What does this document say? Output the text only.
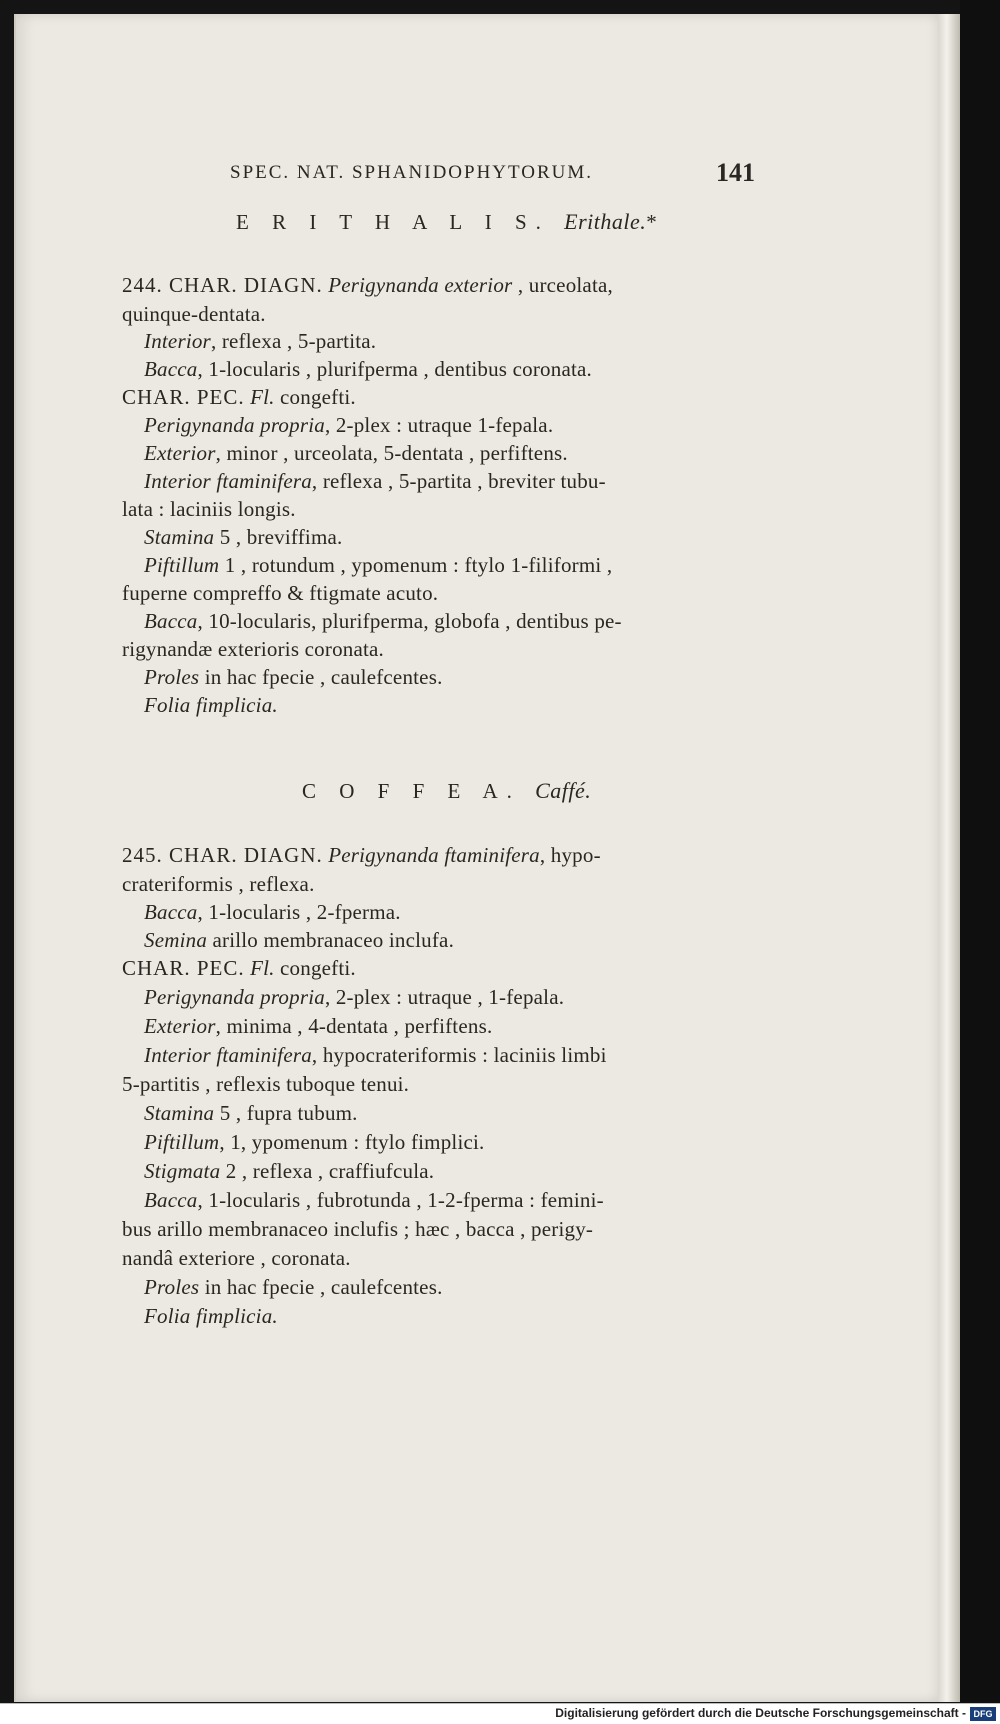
SPEC. NAT. SPHANIDOPHYTORUM.	141
E R I T H A L I S. Erithale.*
244. CHAR. DIAGN. Perigynanda exterior , urceolata,
quinque-dentata.
Interior, reflexa , 5-partita.
Bacca, 1-locularis , plurifperma , dentibus coronata.
CHAR. PEC. Fl. congefti.
Perigynanda propria, 2-plex : utraque 1-fepala.
Exterior, minor , urceolata, 5-dentata , perfiftens.
Interior ftaminifera, reflexa , 5-partita , breviter tubu-
lata : laciniis longis.
Stamina 5 , breviffima.
Piftillum 1 , rotundum , ypomenum : ftylo 1-filiformi ,
fuperne compreffo & ftigmate acuto.
Bacca, 10-locularis, plurifperma, globofa , dentibus pe-
rigynandæ exterioris coronata.
Proles in hac fpecie , caulefcentes.
Folia fimplicia.
C O F F E A. Caffé.
245. CHAR. DIAGN. Perigynanda ftaminifera, hypo-
crateriformis , reflexa.
Bacca, 1-locularis , 2-fperma.
Semina arillo membranaceo inclufa.
CHAR. PEC. Fl. congefti.
Perigynanda propria, 2-plex : utraque , 1-fepala.
Exterior, minima , 4-dentata , perfiftens.
Interior ftaminifera, hypocrateriformis : laciniis limbi
5-partitis , reflexis tuboque tenui.
Stamina 5 , fupra tubum.
Piftillum, 1, ypomenum : ftylo fimplici.
Stigmata 2 , reflexa , craffiufcula.
Bacca, 1-locularis , fubrotunda , 1-2-fperma : femini-
bus arillo membranaceo inclufis ; hæc , bacca , perigy-
nandâ exteriore , coronata.
Proles in hac fpecie , caulefcentes.
Folia fimplicia.
Digitalisierung gefördert durch die Deutsche Forschungsgemeinschaft - DFG
